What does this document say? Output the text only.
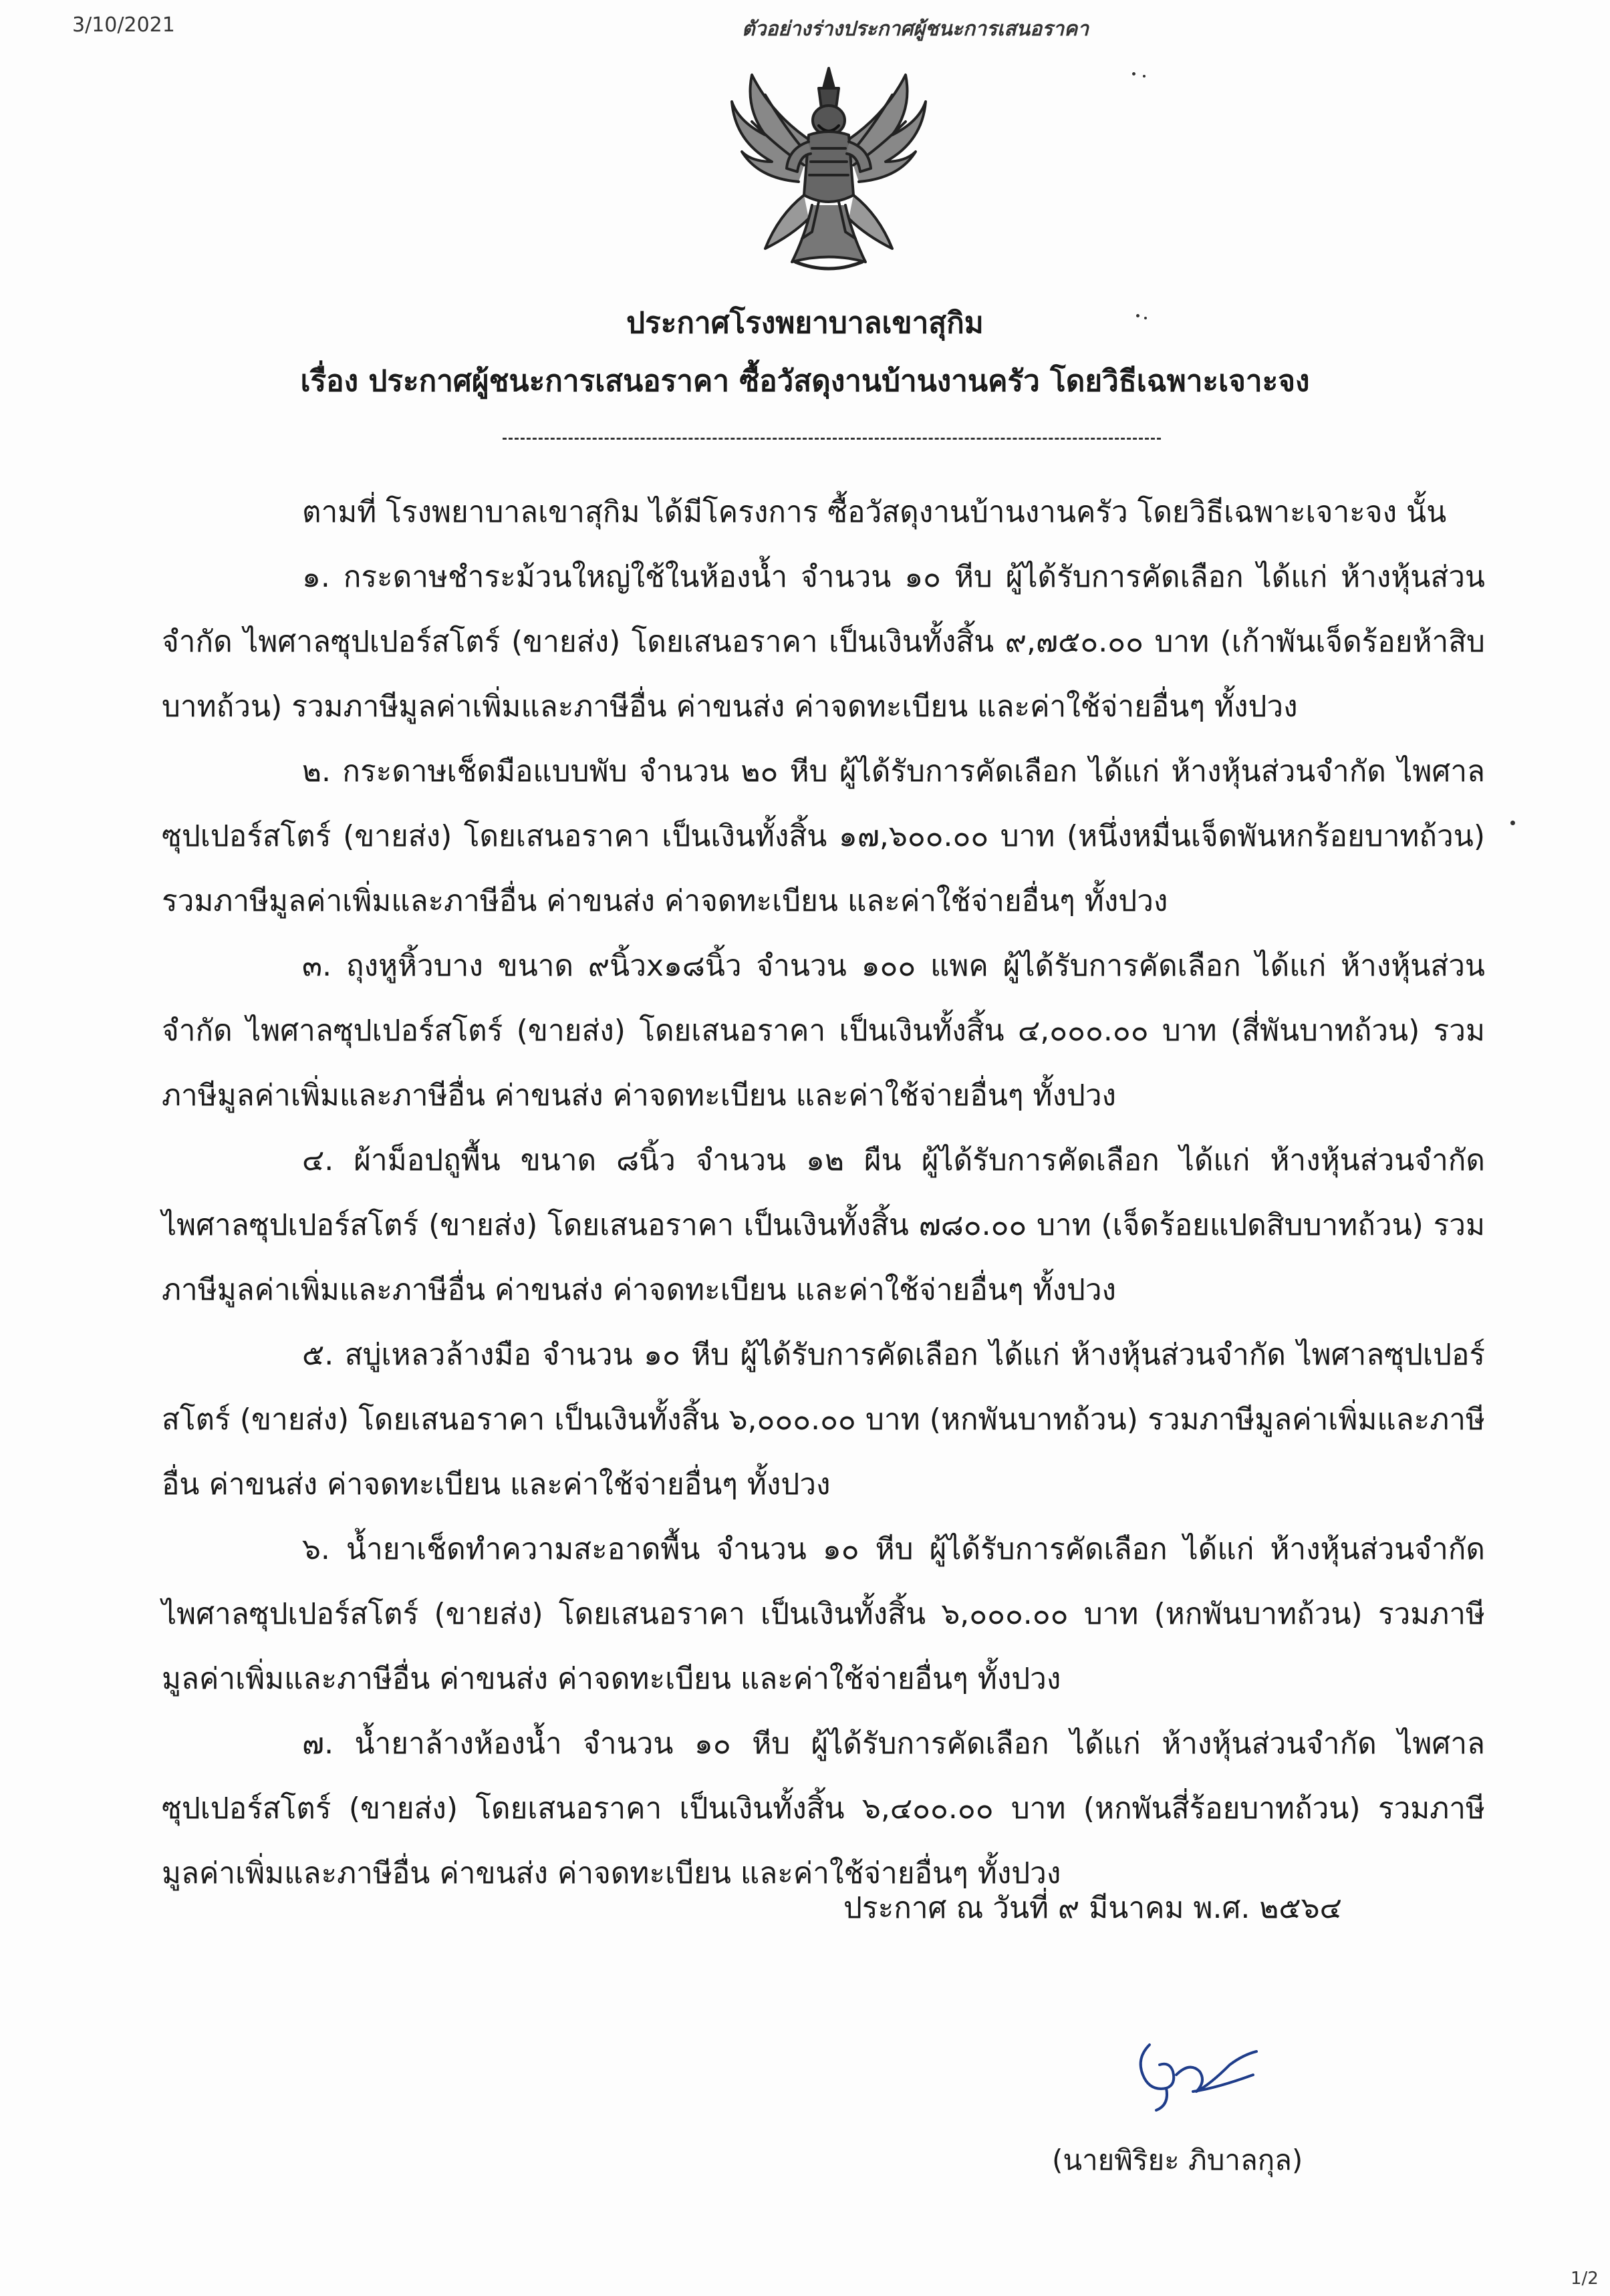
3/10/2021	ตัวอย่างร่างประกาศผู้ชนะการเสนอราคา
ประกาศโรงพยาบาลเขาสุกิม
เรื่อง ประกาศผู้ชนะการเสนอราคา ซื้อวัสดุงานบ้านงานครัว โดยวิธีเฉพาะเจาะจง

ตามที่ โรงพยาบาลเขาสุกิม ได้มีโครงการ ซื้อวัสดุงานบ้านงานครัว โดยวิธีเฉพาะเจาะจง นั้น

๑. กระดาษชำระม้วนใหญ่ใช้ในห้องน้ำ จำนวน ๑๐ หีบ ผู้ได้รับการคัดเลือก ได้แก่ ห้างหุ้นส่วนจำกัด ไพศาลซุปเปอร์สโตร์ (ขายส่ง) โดยเสนอราคา เป็นเงินทั้งสิ้น ๙,๗๕๐.๐๐ บาท (เก้าพันเจ็ดร้อยห้าสิบบาทถ้วน) รวมภาษีมูลค่าเพิ่มและภาษีอื่น ค่าขนส่ง ค่าจดทะเบียน และค่าใช้จ่ายอื่นๆ ทั้งปวง

๒. กระดาษเช็ดมือแบบพับ จำนวน ๒๐ หีบ ผู้ได้รับการคัดเลือก ได้แก่ ห้างหุ้นส่วนจำกัด ไพศาลซุปเปอร์สโตร์ (ขายส่ง) โดยเสนอราคา เป็นเงินทั้งสิ้น ๑๗,๖๐๐.๐๐ บาท (หนึ่งหมื่นเจ็ดพันหกร้อยบาทถ้วน) รวมภาษีมูลค่าเพิ่มและภาษีอื่น ค่าขนส่ง ค่าจดทะเบียน และค่าใช้จ่ายอื่นๆ ทั้งปวง

๓. ถุงหูหิ้วบาง ขนาด ๙นิ้วx๑๘นิ้ว จำนวน ๑๐๐ แพค ผู้ได้รับการคัดเลือก ได้แก่ ห้างหุ้นส่วนจำกัด ไพศาลซุปเปอร์สโตร์ (ขายส่ง) โดยเสนอราคา เป็นเงินทั้งสิ้น ๔,๐๐๐.๐๐ บาท (สี่พันบาทถ้วน) รวมภาษีมูลค่าเพิ่มและภาษีอื่น ค่าขนส่ง ค่าจดทะเบียน และค่าใช้จ่ายอื่นๆ ทั้งปวง

๔. ผ้าม็อปถูพื้น ขนาด ๘นิ้ว จำนวน ๑๒ ผืน ผู้ได้รับการคัดเลือก ได้แก่ ห้างหุ้นส่วนจำกัด ไพศาลซุปเปอร์สโตร์ (ขายส่ง) โดยเสนอราคา เป็นเงินทั้งสิ้น ๗๘๐.๐๐ บาท (เจ็ดร้อยแปดสิบบาทถ้วน) รวมภาษีมูลค่าเพิ่มและภาษีอื่น ค่าขนส่ง ค่าจดทะเบียน และค่าใช้จ่ายอื่นๆ ทั้งปวง

๕. สบู่เหลวล้างมือ จำนวน ๑๐ หีบ ผู้ได้รับการคัดเลือก ได้แก่ ห้างหุ้นส่วนจำกัด ไพศาลซุปเปอร์สโตร์ (ขายส่ง) โดยเสนอราคา เป็นเงินทั้งสิ้น ๖,๐๐๐.๐๐ บาท (หกพันบาทถ้วน) รวมภาษีมูลค่าเพิ่มและภาษีอื่น ค่าขนส่ง ค่าจดทะเบียน และค่าใช้จ่ายอื่นๆ ทั้งปวง

๖. น้ำยาเช็ดทำความสะอาดพื้น จำนวน ๑๐ หีบ ผู้ได้รับการคัดเลือก ได้แก่ ห้างหุ้นส่วนจำกัด ไพศาลซุปเปอร์สโตร์ (ขายส่ง) โดยเสนอราคา เป็นเงินทั้งสิ้น ๖,๐๐๐.๐๐ บาท (หกพันบาทถ้วน) รวมภาษีมูลค่าเพิ่มและภาษีอื่น ค่าขนส่ง ค่าจดทะเบียน และค่าใช้จ่ายอื่นๆ ทั้งปวง

๗. น้ำยาล้างห้องน้ำ จำนวน ๑๐ หีบ ผู้ได้รับการคัดเลือก ได้แก่ ห้างหุ้นส่วนจำกัด ไพศาลซุปเปอร์สโตร์ (ขายส่ง) โดยเสนอราคา เป็นเงินทั้งสิ้น ๖,๔๐๐.๐๐ บาท (หกพันสี่ร้อยบาทถ้วน) รวมภาษีมูลค่าเพิ่มและภาษีอื่น ค่าขนส่ง ค่าจดทะเบียน และค่าใช้จ่ายอื่นๆ ทั้งปวง

ประกาศ ณ วันที่ ๙ มีนาคม พ.ศ. ๒๕๖๔
(นายพิริยะ ภิบาลกุล)
1/2
